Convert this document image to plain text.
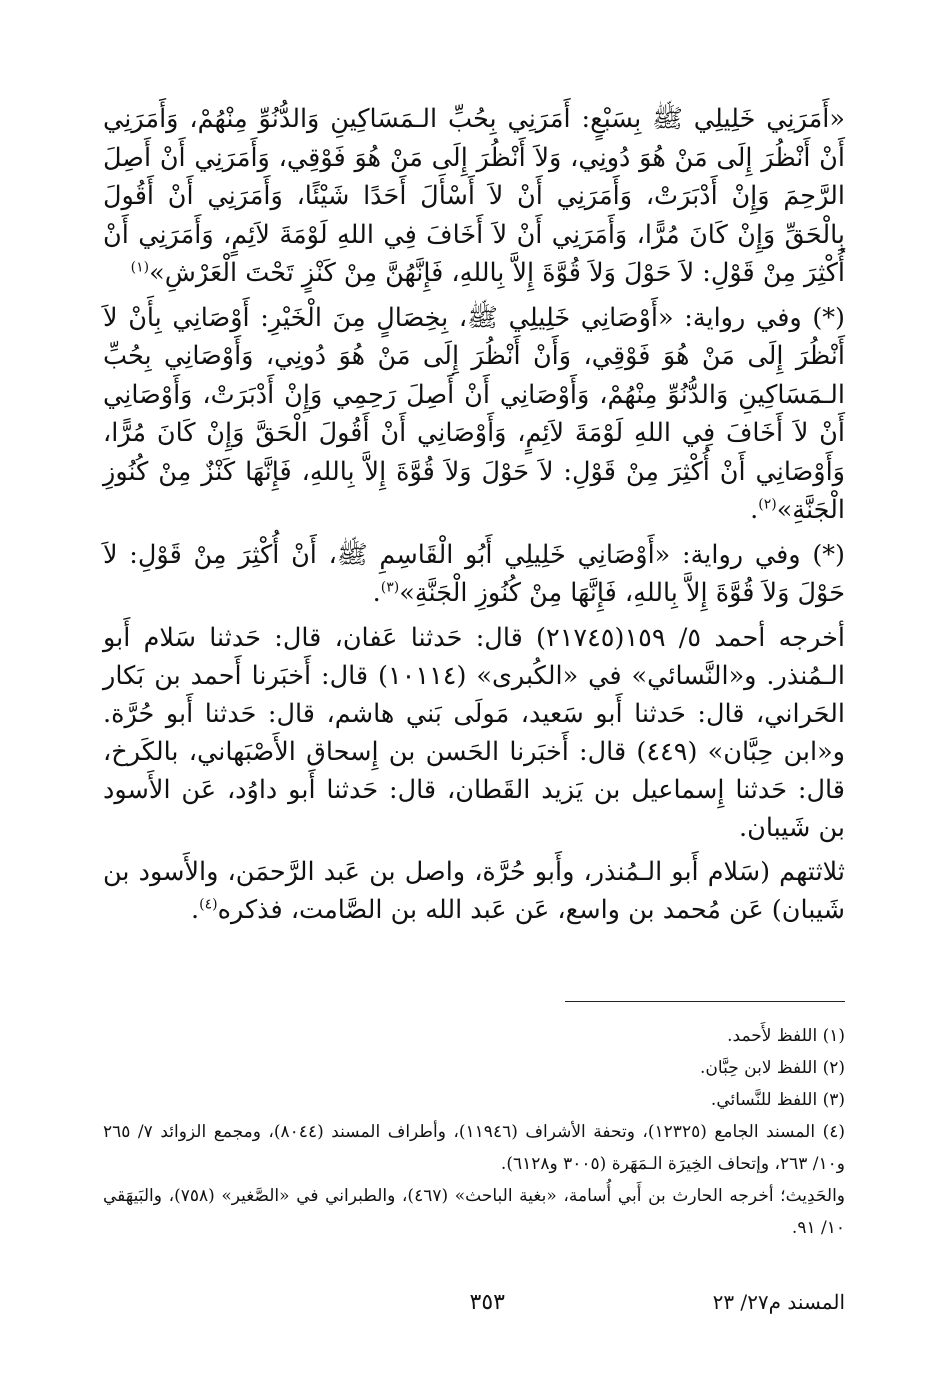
«أَمَرَنِي خَلِيلِي ﷺ بِسَبْعٍ: أَمَرَنِي بِحُبِّ الـمَسَاكِينِ وَالدُّنُوِّ مِنْهُمْ، وَأَمَرَنِي أَنْ أَنْظُرَ إِلَى مَنْ هُوَ دُونِي، وَلاَ أَنْظُرَ إِلَى مَنْ هُوَ فَوْقِي، وَأَمَرَنِي أَنْ أَصِلَ الرَّحِمَ وَإِنْ أَدْبَرَتْ، وَأَمَرَنِي أَنْ لاَ أَسْأَلَ أَحَدًا شَيْئًا، وَأَمَرَنِي أَنْ أَقُولَ بِالْحَقِّ وَإِنْ كَانَ مُرًّا، وَأَمَرَنِي أَنْ لاَ أَخَافَ فِي اللهِ لَوْمَةَ لاَئِمٍ، وَأَمَرَنِي أَنْ أُكْثِرَ مِنْ قَوْلِ: لاَ حَوْلَ وَلاَ قُوَّةَ إِلاَّ بِاللهِ، فَإِنَّهُنَّ مِنْ كَنْزٍ تَحْتَ الْعَرْشِ»$^{(١)}$

(*) وفي رواية: «أَوْصَانِي خَلِيلِي ﷺ، بِخِصَالٍ مِنَ الْخَيْرِ: أَوْصَانِي بِأَنْ لاَ أَنْظُرَ إِلَى مَنْ هُوَ فَوْقِي، وَأَنْ أَنْظُرَ إِلَى مَنْ هُوَ دُونِي، وَأَوْصَانِي بِحُبِّ الـمَسَاكِينِ وَالدُّنُوِّ مِنْهُمْ، وَأَوْصَانِي أَنْ أَصِلَ رَحِمِي وَإِنْ أَدْبَرَتْ، وَأَوْصَانِي أَنْ لاَ أَخَافَ فِي اللهِ لَوْمَةَ لاَئِمٍ، وَأَوْصَانِي أَنْ أَقُولَ الْحَقَّ وَإِنْ كَانَ مُرًّا، وَأَوْصَانِي أَنْ أُكْثِرَ مِنْ قَوْلِ: لاَ حَوْلَ وَلاَ قُوَّةَ إِلاَّ بِاللهِ، فَإِنَّهَا كَنْزٌ مِنْ كُنُوزِ الْجَنَّةِ»$^{(٢)}$.

(*) وفي رواية: «أَوْصَانِي خَلِيلِي أَبُو الْقَاسِمِ ﷺ، أَنْ أُكْثِرَ مِنْ قَوْلِ: لاَ حَوْلَ وَلاَ قُوَّةَ إِلاَّ بِاللهِ، فَإِنَّهَا مِنْ كُنُوزِ الْجَنَّةِ»$^{(٣)}$.

أخرجه أحمد ٥/ ١٥٩(٢١٧٤٥) قال: حَدثنا عَفان، قال: حَدثنا سَلام أَبو الـمُنذر. و«النَّسائي» في «الكُبرى» (١٠١١٤) قال: أَخبَرنا أَحمد بن بَكار الحَراني، قال: حَدثنا أَبو سَعيد، مَولَى بَني هاشم، قال: حَدثنا أَبو حُرَّة. و«ابن حِبَّان» (٤٤٩) قال: أَخبَرنا الحَسن بن إِسحاق الأَصْبَهاني، بالكَرخ، قال: حَدثنا إِسماعيل بن يَزيد القَطان، قال: حَدثنا أَبو داوُد، عَن الأَسود بن شَيبان.

ثلاثتهم (سَلام أَبو الـمُنذر، وأَبو حُرَّة، واصل بن عَبد الرَّحمَن، والأَسود بن شَيبان) عَن مُحمد بن واسع، عَن عَبد الله بن الصَّامت، فذكره$^{(٤)}$.

(١) اللفظ لأَحمد.

(٢) اللفظ لابن حِبَّان.

(٣) اللفظ للنَّسائي.

(٤) المسند الجامع (١٢٣٢٥)، وتحفة الأشراف (١١٩٤٦)، وأطراف المسند (٨٠٤٤)، ومجمع الزوائد ٧/ ٢٦٥ و١٠/ ٢٦٣، وإتحاف الخِيرَة الـمَهَرة (٣٠٠٥ و٦١٢٨).

والحَدِيث؛ أخرجه الحارث بن أَبي أُسامة، «بغية الباحث» (٤٦٧)، والطبراني في «الصَّغير» (٧٥٨)، والبَيهَقي ١٠/ ٩١.

المسند م٢٧/ ٢٣
٣٥٣
